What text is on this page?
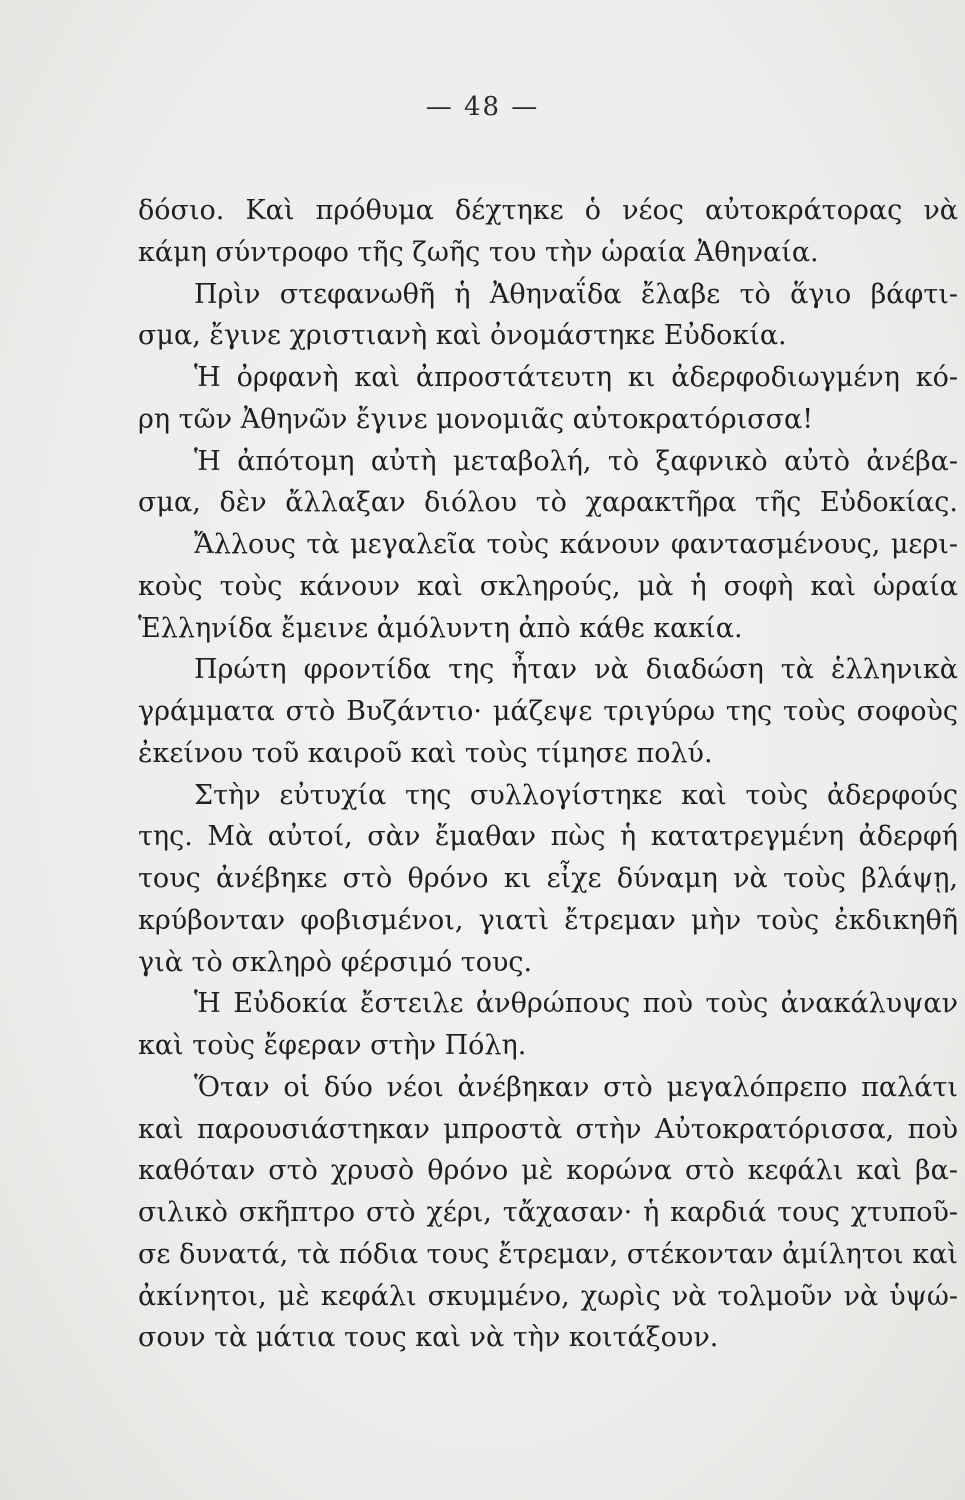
— 48 —
δόσιο. Καὶ πρόθυμα δέχτηκε ὁ νέος αὐτοκράτορας νὰ
κάμη σύντροφο τῆς ζωῆς του τὴν ὡραία Ἀθηναία.
Πρὶν στεφανωθῆ ἡ Ἀθηναΐδα ἔλαβε τὸ ἅγιο βάφτι-
σμα, ἔγινε χριστιανὴ καὶ ὀνομάστηκε Εὐδοκία.
Ἡ ὀρφανὴ καὶ ἀπροστάτευτη κι ἀδερφοδιωγμένη κό-
ρη τῶν Ἀθηνῶν ἔγινε μονομιᾶς αὐτοκρατόρισσα!
Ἡ ἀπότομη αὐτὴ μεταβολή, τὸ ξαφνικὸ αὐτὸ ἀνέβα-
σμα, δὲν ἄλλαξαν διόλου τὸ χαρακτῆρα τῆς Εὐδοκίας.
Ἄλλους τὰ μεγαλεῖα τοὺς κάνουν φαντασμένους, μερι-
κοὺς τοὺς κάνουν καὶ σκληρούς, μὰ ἡ σοφὴ καὶ ὡραία
Ἑλληνίδα ἔμεινε ἀμόλυντη ἀπὸ κάθε κακία.
Πρώτη φροντίδα της ἦταν νὰ διαδώση τὰ ἑλληνικὰ
γράμματα στὸ Βυζάντιο· μάζεψε τριγύρω της τοὺς σοφοὺς
ἐκείνου τοῦ καιροῦ καὶ τοὺς τίμησε πολύ.
Στὴν εὐτυχία της συλλογίστηκε καὶ τοὺς ἀδερφούς
της. Μὰ αὐτοί, σὰν ἔμαθαν πὼς ἡ κατατρεγμένη ἀδερφή
τους ἀνέβηκε στὸ θρόνο κι εἶχε δύναμη νὰ τοὺς βλάψῃ,
κρύβονταν φοβισμένοι, γιατὶ ἔτρεμαν μὴν τοὺς ἐκδικηθῆ
γιὰ τὸ σκληρὸ φέρσιμό τους.
Ἡ Εὐδοκία ἔστειλε ἀνθρώπους ποὺ τοὺς ἀνακάλυψαν
καὶ τοὺς ἔφεραν στὴν Πόλη.
Ὅταν οἱ δύο νέοι ἀνέβηκαν στὸ μεγαλόπρεπο παλάτι
καὶ παρουσιάστηκαν μπροστὰ στὴν Αὐτοκρατόρισσα, ποὺ
καθόταν στὸ χρυσὸ θρόνο μὲ κορώνα στὸ κεφάλι καὶ βα-
σιλικὸ σκῆπτρο στὸ χέρι, τἄχασαν· ἡ καρδιά τους χτυποῦ-
σε δυνατά, τὰ πόδια τους ἔτρεμαν, στέκονταν ἀμίλητοι καὶ
ἀκίνητοι, μὲ κεφάλι σκυμμένο, χωρὶς νὰ τολμοῦν νὰ ὑψώ-
σουν τὰ μάτια τους καὶ νὰ τὴν κοιτάξουν.
